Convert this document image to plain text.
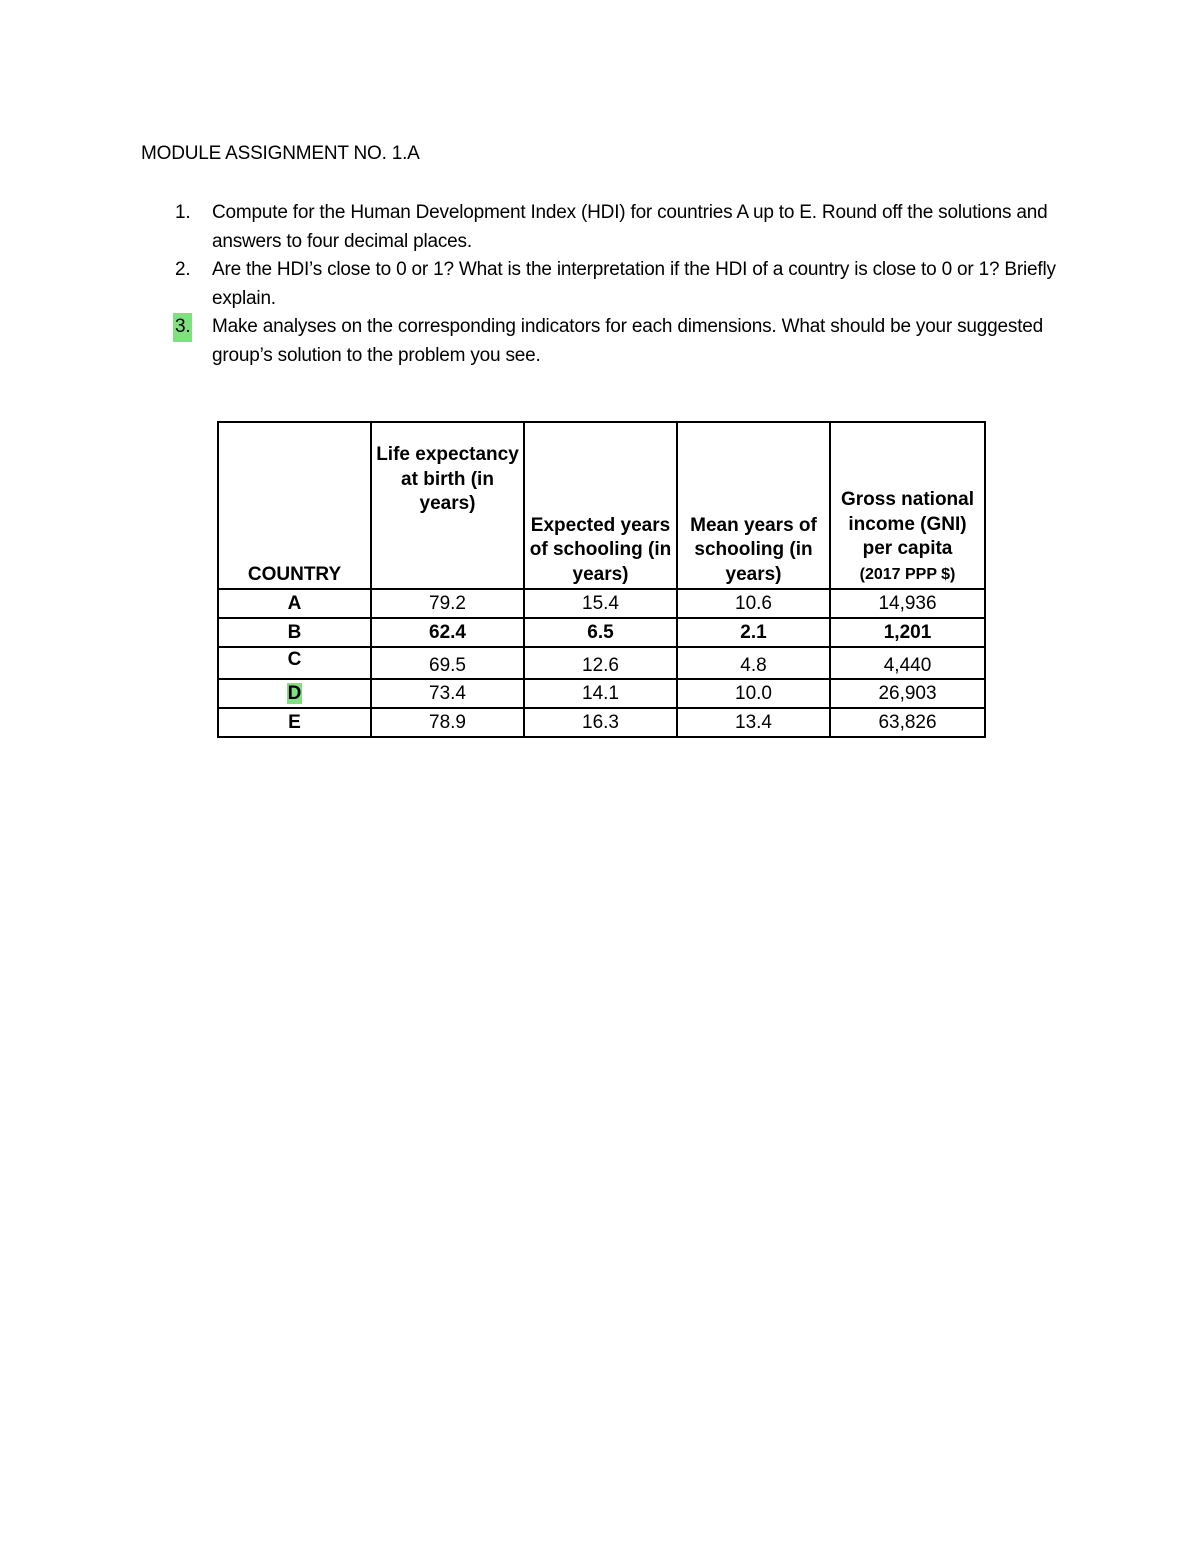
MODULE ASSIGNMENT NO. 1.A
1. Compute for the Human Development Index (HDI) for countries A up to E. Round off the solutions and answers to four decimal places.
2. Are the HDI’s close to 0 or 1? What is the interpretation if the HDI of a country is close to 0 or 1? Briefly explain.
3. Make analyses on the corresponding indicators for each dimensions. What should be your suggested group’s solution to the problem you see.
COUNTRY	Life expectancy at birth (in years)	Expected years of schooling (in years)	Mean years of schooling (in years)	Gross national income (GNI) per capita
(2017 PPP $)
A	79.2	15.4	10.6	14,936
B	62.4	6.5	2.1	1,201
C	69.5	12.6	4.8	4,440
D	73.4	14.1	10.0	26,903
E	78.9	16.3	13.4	63,826
